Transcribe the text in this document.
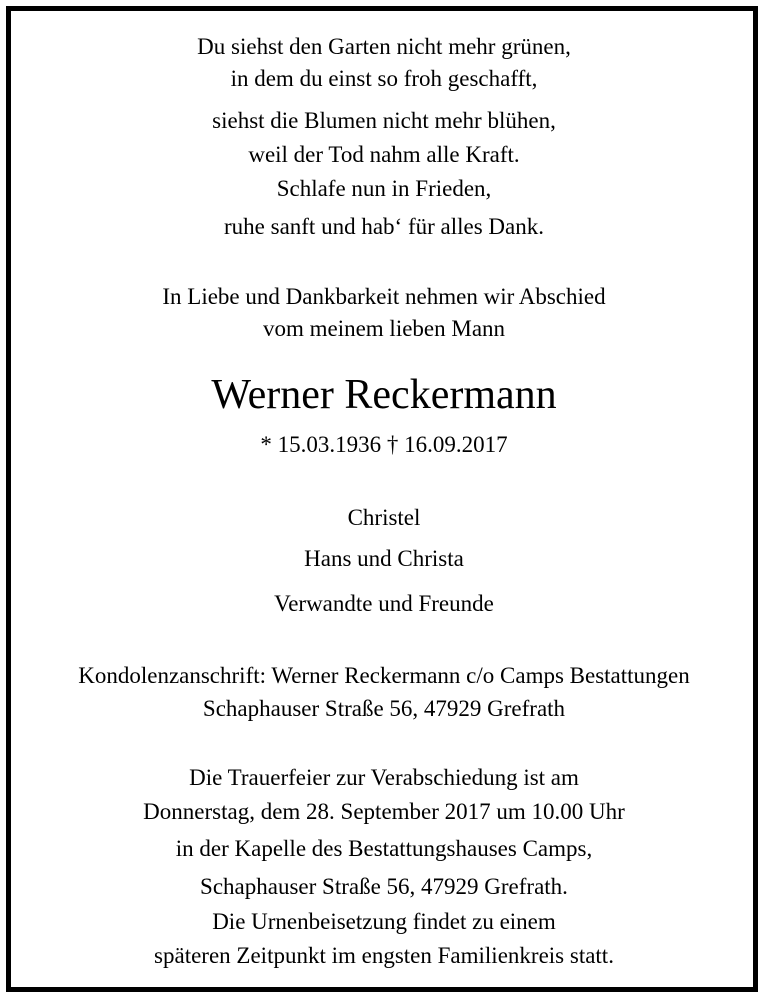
Du siehst den Garten nicht mehr grünen,
in dem du einst so froh geschafft,
siehst die Blumen nicht mehr blühen,
weil der Tod nahm alle Kraft.
Schlafe nun in Frieden,
ruhe sanft und hab‘ für alles Dank.
In Liebe und Dankbarkeit nehmen wir Abschied
vom meinem lieben Mann
Werner Reckermann
* 15.03.1936 † 16.09.2017
Christel
Hans und Christa
Verwandte und Freunde
Kondolenzanschrift: Werner Reckermann c/o Camps Bestattungen
Schaphauser Straße 56, 47929 Grefrath
Die Trauerfeier zur Verabschiedung ist am
Donnerstag, dem 28. September 2017 um 10.00 Uhr
in der Kapelle des Bestattungshauses Camps,
Schaphauser Straße 56, 47929 Grefrath.
Die Urnenbeisetzung findet zu einem
späteren Zeitpunkt im engsten Familienkreis statt.
